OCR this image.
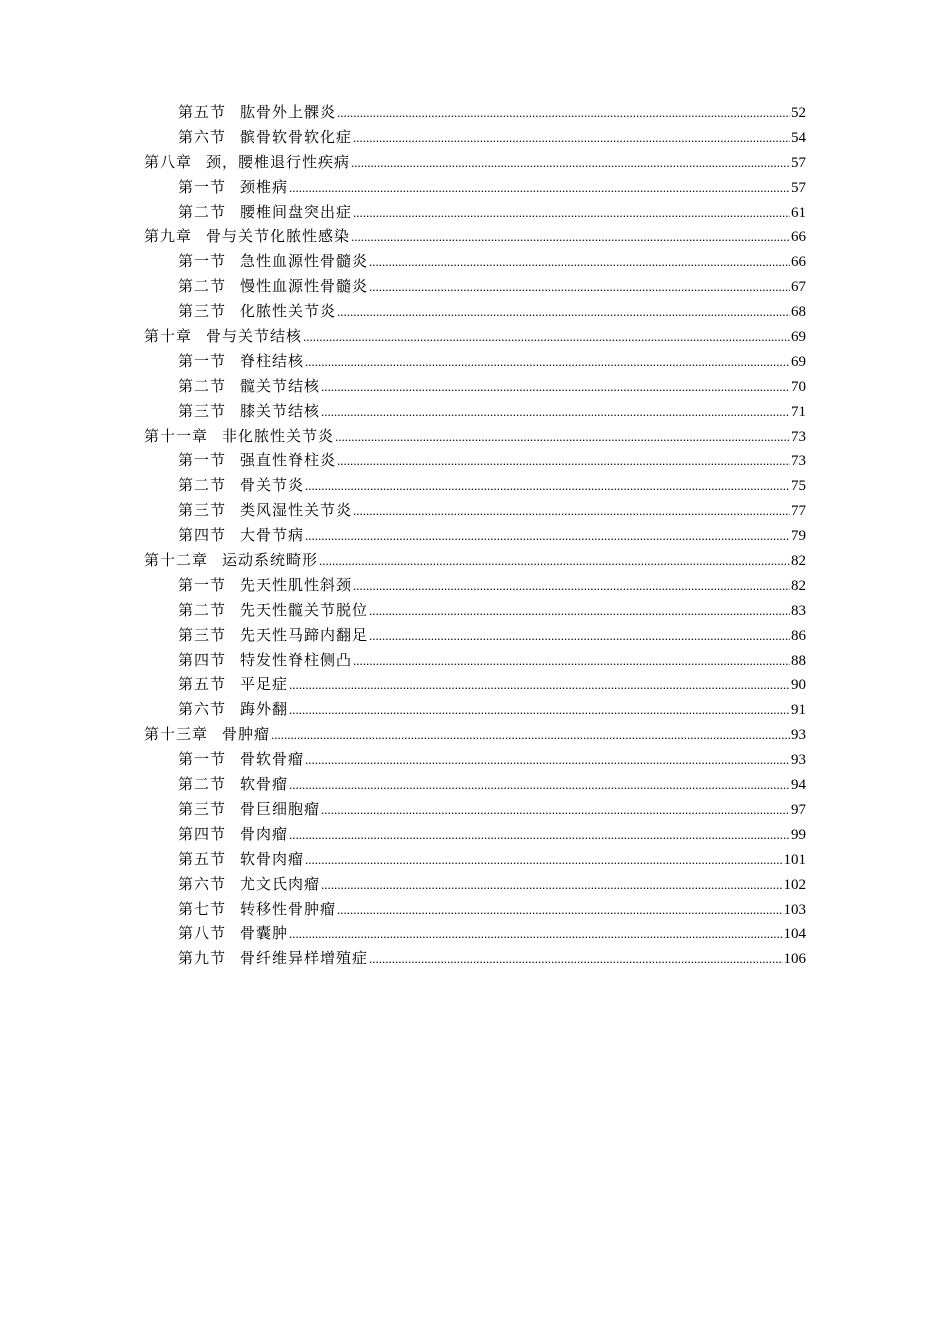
第五节 肱骨外上髁炎 .....	52
第六节 髌骨软骨软化症 .....	54
第八章 颈，腰椎退行性疾病 .....	57
第一节 颈椎病 .....	57
第二节 腰椎间盘突出症 .....	61
第九章 骨与关节化脓性感染 .....	66
第一节 急性血源性骨髓炎 .....	66
第二节 慢性血源性骨髓炎 .....	67
第三节 化脓性关节炎 .....	68
第十章 骨与关节结核 .....	69
第一节 脊柱结核 .....	69
第二节 髋关节结核 .....	70
第三节 膝关节结核 .....	71
第十一章 非化脓性关节炎 .....	73
第一节 强直性脊柱炎 .....	73
第二节 骨关节炎 .....	75
第三节 类风湿性关节炎 .....	77
第四节 大骨节病 .....	79
第十二章 运动系统畸形 .....	82
第一节 先天性肌性斜颈 .....	82
第二节 先天性髋关节脱位 .....	83
第三节 先天性马蹄内翻足 .....	86
第四节 特发性脊柱侧凸 .....	88
第五节 平足症 .....	90
第六节 踇外翻 .....	91
第十三章 骨肿瘤 .....	93
第一节 骨软骨瘤 .....	93
第二节 软骨瘤 .....	94
第三节 骨巨细胞瘤 .....	97
第四节 骨肉瘤 .....	99
第五节 软骨肉瘤 .....	101
第六节 尤文氏肉瘤 .....	102
第七节 转移性骨肿瘤 .....	103
第八节 骨囊肿 .....	104
第九节 骨纤维异样增殖症 .....	106
